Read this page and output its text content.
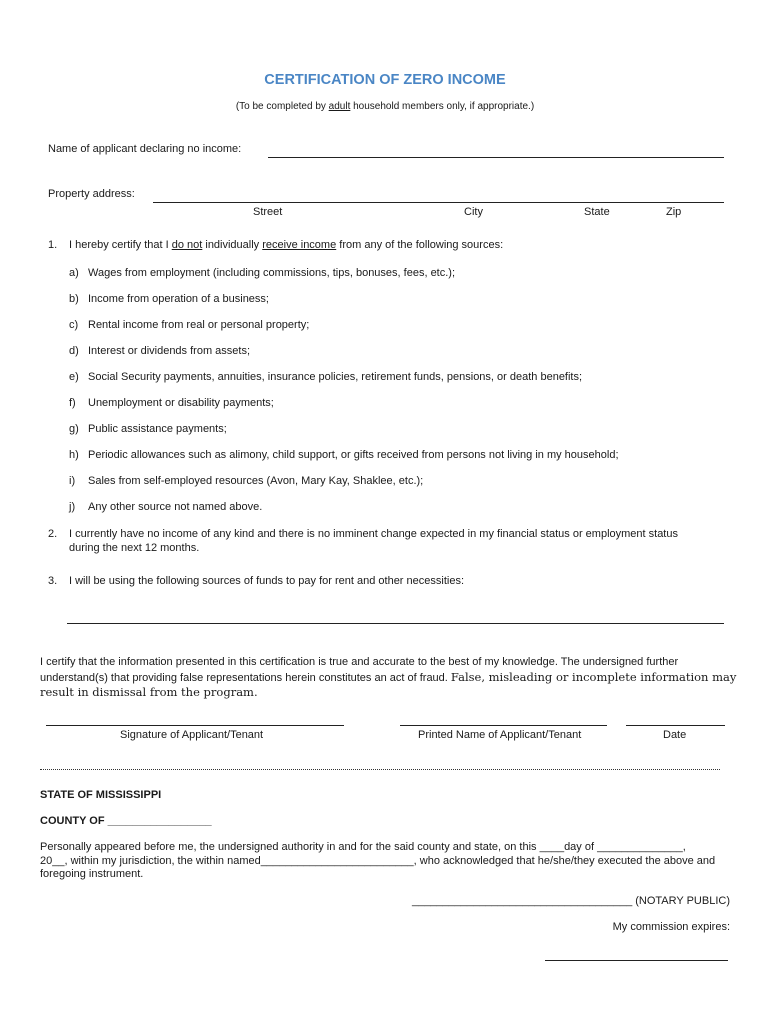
CERTIFICATION OF ZERO INCOME
(To be completed by adult household members only, if appropriate.)
Name of applicant declaring no income:
Property address:
Street	City	State	Zip
1. I hereby certify that I do not individually receive income from any of the following sources:
a) Wages from employment (including commissions, tips, bonuses, fees, etc.);
b) Income from operation of a business;
c) Rental income from real or personal property;
d) Interest or dividends from assets;
e) Social Security payments, annuities, insurance policies, retirement funds, pensions, or death benefits;
f) Unemployment or disability payments;
g) Public assistance payments;
h) Periodic allowances such as alimony, child support, or gifts received from persons not living in my household;
i) Sales from self-employed resources (Avon, Mary Kay, Shaklee, etc.);
j) Any other source not named above.
2. I currently have no income of any kind and there is no imminent change expected in my financial status or employment status
during the next 12 months.
3. I will be using the following sources of funds to pay for rent and other necessities:
I certify that the information presented in this certification is true and accurate to the best of my knowledge. The undersigned further
understand(s) that providing false representations herein constitutes an act of fraud. False, misleading or incomplete information may
result in dismissal from the program.
Signature of Applicant/Tenant	Printed Name of Applicant/Tenant	Date
STATE OF MISSISSIPPI
COUNTY OF _________________
Personally appeared before me, the undersigned authority in and for the said county and state, on this ____day of ______________,
20__, within my jurisdiction, the within named_________________________, who acknowledged that he/she/they executed the above and
foregoing instrument.
____________________________________ (NOTARY PUBLIC)
My commission expires:
